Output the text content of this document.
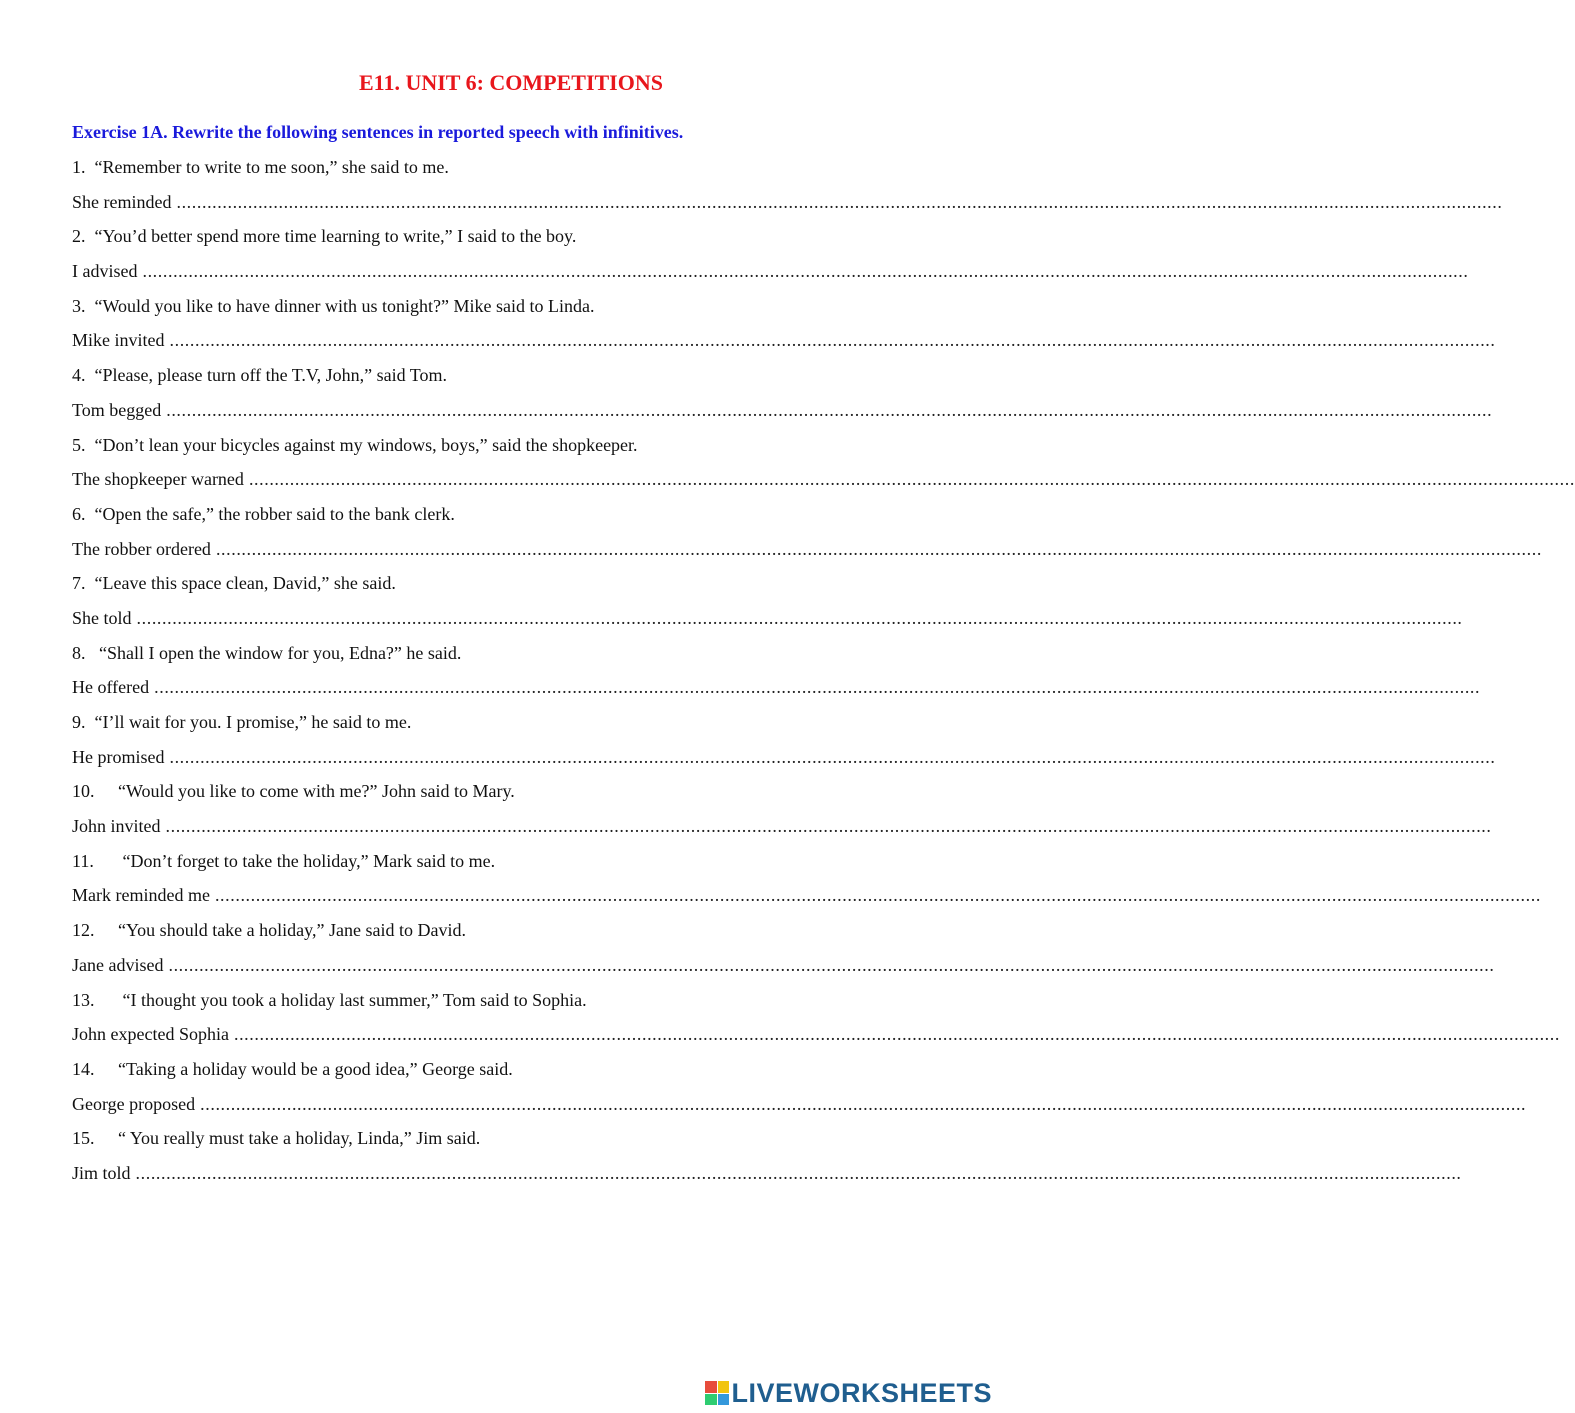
E11. UNIT 6: COMPETITIONS
Exercise 1A. Rewrite the following sentences in reported speech with infinitives.
1. “Remember to write to me soon,” she said to me.
She reminded ....................................................................................................................................................................................................................................................................
2. “You’d better spend more time learning to write,” I said to the boy.
I advised ....................................................................................................................................................................................................................................................................
3. “Would you like to have dinner with us tonight?” Mike said to Linda.
Mike invited ....................................................................................................................................................................................................................................................................
4. “Please, please turn off the T.V, John,” said Tom.
Tom begged ....................................................................................................................................................................................................................................................................
5. “Don’t lean your bicycles against my windows, boys,” said the shopkeeper.
The shopkeeper warned ....................................................................................................................................................................................................................................................................
6. “Open the safe,” the robber said to the bank clerk.
The robber ordered ....................................................................................................................................................................................................................................................................
7. “Leave this space clean, David,” she said.
She told ....................................................................................................................................................................................................................................................................
8.   “Shall I open the window for you, Edna?” he said.
He offered ....................................................................................................................................................................................................................................................................
9. “I’ll wait for you. I promise,” he said to me.
He promised ....................................................................................................................................................................................................................................................................
10. “Would you like to come with me?” John said to Mary.
John invited ....................................................................................................................................................................................................................................................................
11. “Don’t forget to take the holiday,” Mark said to me.
Mark reminded me ....................................................................................................................................................................................................................................................................
12. “You should take a holiday,” Jane said to David.
Jane advised ....................................................................................................................................................................................................................................................................
13. “I thought you took a holiday last summer,” Tom said to Sophia.
John expected Sophia ....................................................................................................................................................................................................................................................................
14. “Taking a holiday would be a good idea,” George said.
George proposed ....................................................................................................................................................................................................................................................................
15. “ You really must take a holiday, Linda,” Jim said.
Jim told ....................................................................................................................................................................................................................................................................
LIVEWORKSHEETS
